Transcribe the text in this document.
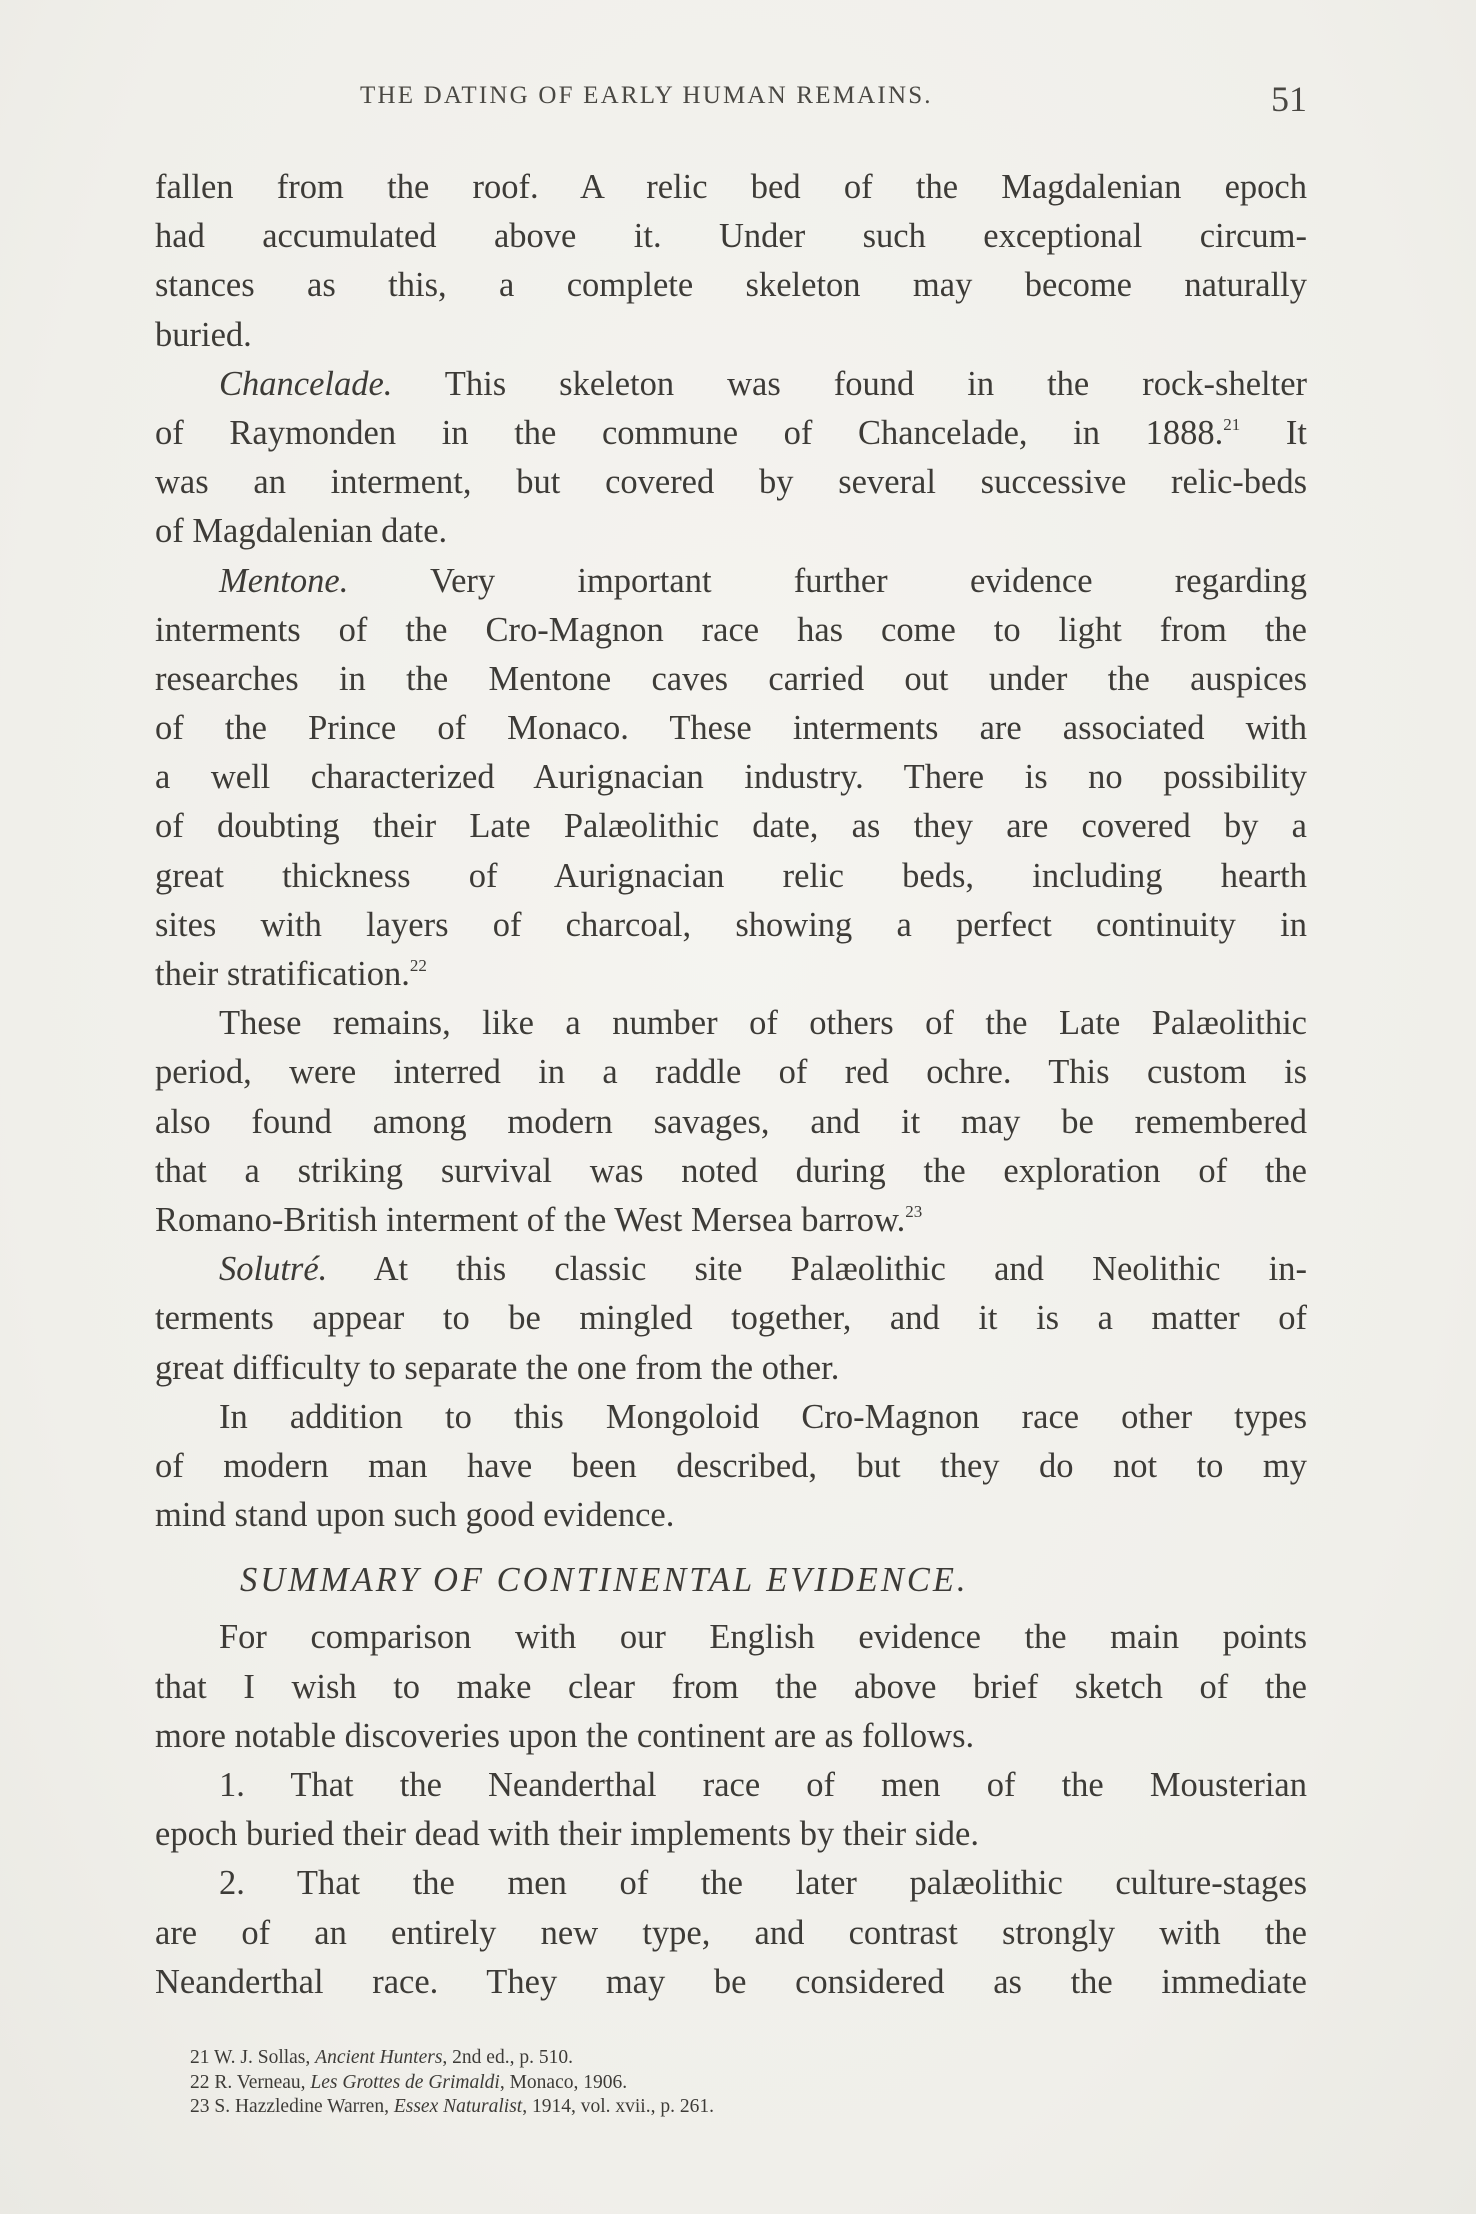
THE DATING OF EARLY HUMAN REMAINS.	51
fallen from the roof. A relic bed of the Magdalenian epoch
had accumulated above it. Under such exceptional circum-
stances as this, a complete skeleton may become naturally
buried.
Chancelade. This skeleton was found in the rock-shelter
of Raymonden in the commune of Chancelade, in 1888.21 It
was an interment, but covered by several successive relic-beds
of Magdalenian date.
Mentone. Very important further evidence regarding
interments of the Cro-Magnon race has come to light from the
researches in the Mentone caves carried out under the auspices
of the Prince of Monaco. These interments are associated with
a well characterized Aurignacian industry. There is no possibility
of doubting their Late Palæolithic date, as they are covered by a
great thickness of Aurignacian relic beds, including hearth
sites with layers of charcoal, showing a perfect continuity in
their stratification.$^{22}$
These remains, like a number of others of the Late Palæolithic
period, were interred in a raddle of red ochre. This custom is
also found among modern savages, and it may be remembered
that a striking survival was noted during the exploration of the
Romano-British interment of the West Mersea barrow.$^{23}$
Solutré. At this classic site Palæolithic and Neolithic in-
terments appear to be mingled together, and it is a matter of
great difficulty to separate the one from the other.
In addition to this Mongoloid Cro-Magnon race other types
of modern man have been described, but they do not to my
mind stand upon such good evidence.
SUMMARY OF CONTINENTAL EVIDENCE.
For comparison with our English evidence the main points
that I wish to make clear from the above brief sketch of the
more notable discoveries upon the continent are as follows.
1. That the Neanderthal race of men of the Mousterian
epoch buried their dead with their implements by their side.
2. That the men of the later palæolithic culture-stages
are of an entirely new type, and contrast strongly with the
Neanderthal race. They may be considered as the immediate
21 W. J. Sollas, Ancient Hunters, 2nd ed., p. 510.
22 R. Verneau, Les Grottes de Grimaldi, Monaco, 1906.
23 S. Hazzledine Warren, Essex Naturalist, 1914, vol. xvii., p. 261.
